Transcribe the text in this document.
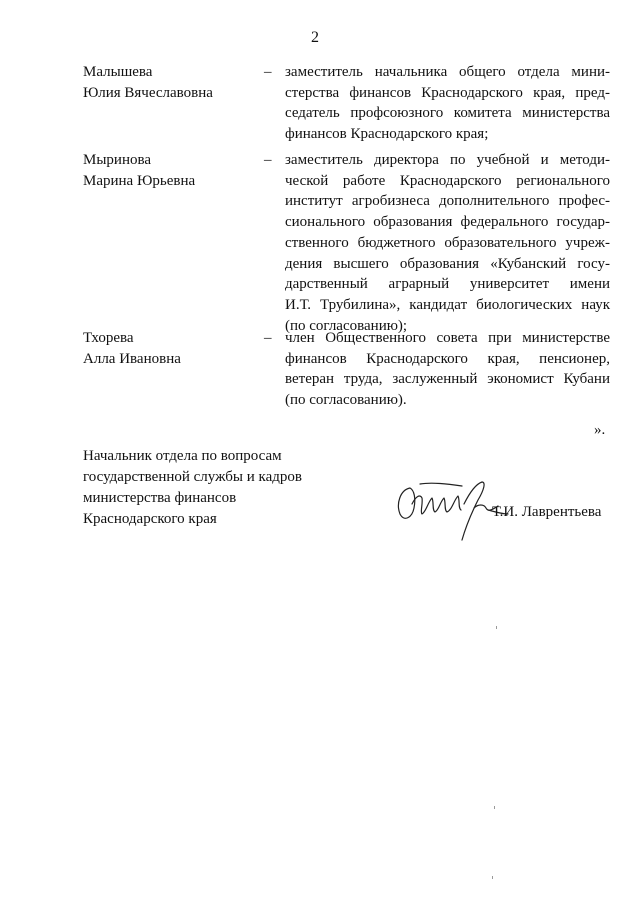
2
Малышева
Юлия Вячеславовна
– заместитель начальника общего отдела мини-
стерства финансов Краснодарского края, пред-
седатель профсоюзного комитета министерства
финансов Краснодарского края;
Мыринова
Марина Юрьевна
– заместитель директора по учебной и методи-
ческой работе Краснодарского регионального
институт агробизнеса дополнительного профес-
сионального образования федерального государ-
ственного бюджетного образовательного учреж-
дения высшего образования «Кубанский госу-
дарственный аграрный университет имени
И.Т. Трубилина», кандидат биологических наук
(по согласованию);
Тхорева
Алла Ивановна
– член Общественного совета при министерстве
финансов Краснодарского края, пенсионер,
ветеран труда, заслуженный экономист Кубани
(по согласованию).
».
Начальник отдела по вопросам
государственной службы и кадров
министерства финансов
Краснодарского края	Т.И. Лаврентьева
